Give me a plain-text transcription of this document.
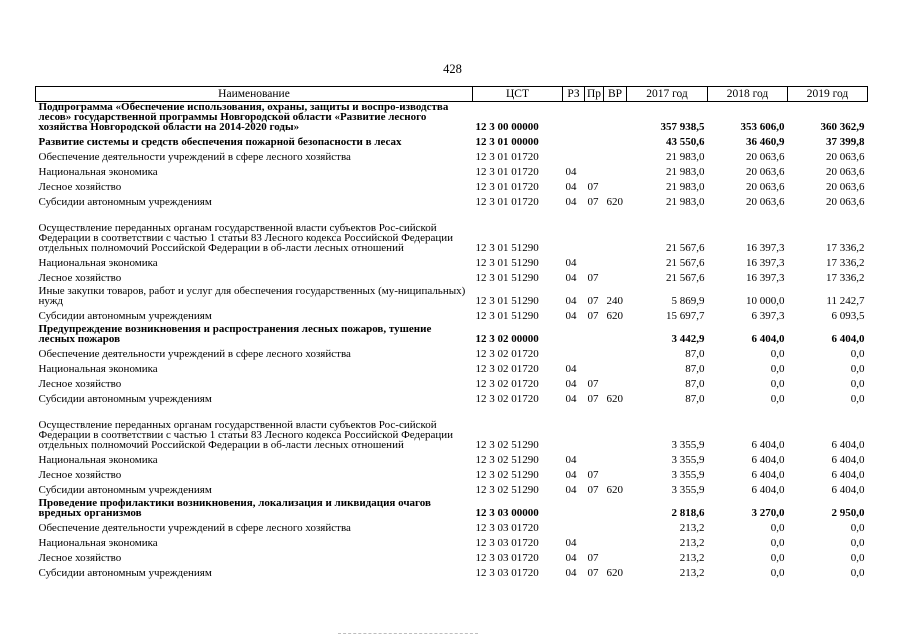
428
Наименование	ЦСТ	РЗ	Пр	ВР	2017 год	2018 год	2019 год
Подпрограмма «Обеспечение использования, охраны, защиты и воспро-изводства лесов» государственной программы Новгородской области «Развитие лесного хозяйства Новгородской области на 2014-2020 годы»	12 3 00 00000				357 938,5	353 606,0	360 362,9
Развитие системы и средств обеспечения пожарной безопасности в лесах	12 3 01 00000				43 550,6	36 460,9	37 399,8
Обеспечение деятельности учреждений в сфере лесного хозяйства	12 3 01 01720				21 983,0	20 063,6	20 063,6
Национальная экономика	12 3 01 01720	04			21 983,0	20 063,6	20 063,6
Лесное хозяйство	12 3 01 01720	04	07		21 983,0	20 063,6	20 063,6
Субсидии автономным учреждениям	12 3 01 01720	04	07	620	21 983,0	20 063,6	20 063,6
Осуществление переданных органам государственной власти субъектов Рос-сийской Федерации в соответствии с частью 1 статьи 83 Лесного кодекса Российской Федерации отдельных полномочий Российской Федерации в об-ласти лесных отношений	12 3 01 51290				21 567,6	16 397,3	17 336,2
Национальная экономика	12 3 01 51290	04			21 567,6	16 397,3	17 336,2
Лесное хозяйство	12 3 01 51290	04	07		21 567,6	16 397,3	17 336,2
Иные закупки товаров, работ и услуг для обеспечения государственных (му-ниципальных) нужд	12 3 01 51290	04	07	240	5 869,9	10 000,0	11 242,7
Субсидии автономным учреждениям	12 3 01 51290	04	07	620	15 697,7	6 397,3	6 093,5
Предупреждение возникновения и распространения лесных пожаров, тушение лесных пожаров	12 3 02 00000				3 442,9	6 404,0	6 404,0
Обеспечение деятельности учреждений в сфере лесного хозяйства	12 3 02 01720				87,0	0,0	0,0
Национальная экономика	12 3 02 01720	04			87,0	0,0	0,0
Лесное хозяйство	12 3 02 01720	04	07		87,0	0,0	0,0
Субсидии автономным учреждениям	12 3 02 01720	04	07	620	87,0	0,0	0,0
Осуществление переданных органам государственной власти субъектов Рос-сийской Федерации в соответствии с частью 1 статьи 83 Лесного кодекса Российской Федерации отдельных полномочий Российской Федерации в об-ласти лесных отношений	12 3 02 51290				3 355,9	6 404,0	6 404,0
Национальная экономика	12 3 02 51290	04			3 355,9	6 404,0	6 404,0
Лесное хозяйство	12 3 02 51290	04	07		3 355,9	6 404,0	6 404,0
Субсидии автономным учреждениям	12 3 02 51290	04	07	620	3 355,9	6 404,0	6 404,0
Проведение профилактики возникновения, локализация и ликвидация очагов вредных организмов	12 3 03 00000				2 818,6	3 270,0	2 950,0
Обеспечение деятельности учреждений в сфере лесного хозяйства	12 3 03 01720				213,2	0,0	0,0
Национальная экономика	12 3 03 01720	04			213,2	0,0	0,0
Лесное хозяйство	12 3 03 01720	04	07		213,2	0,0	0,0
Субсидии автономным учреждениям	12 3 03 01720	04	07	620	213,2	0,0	0,0
